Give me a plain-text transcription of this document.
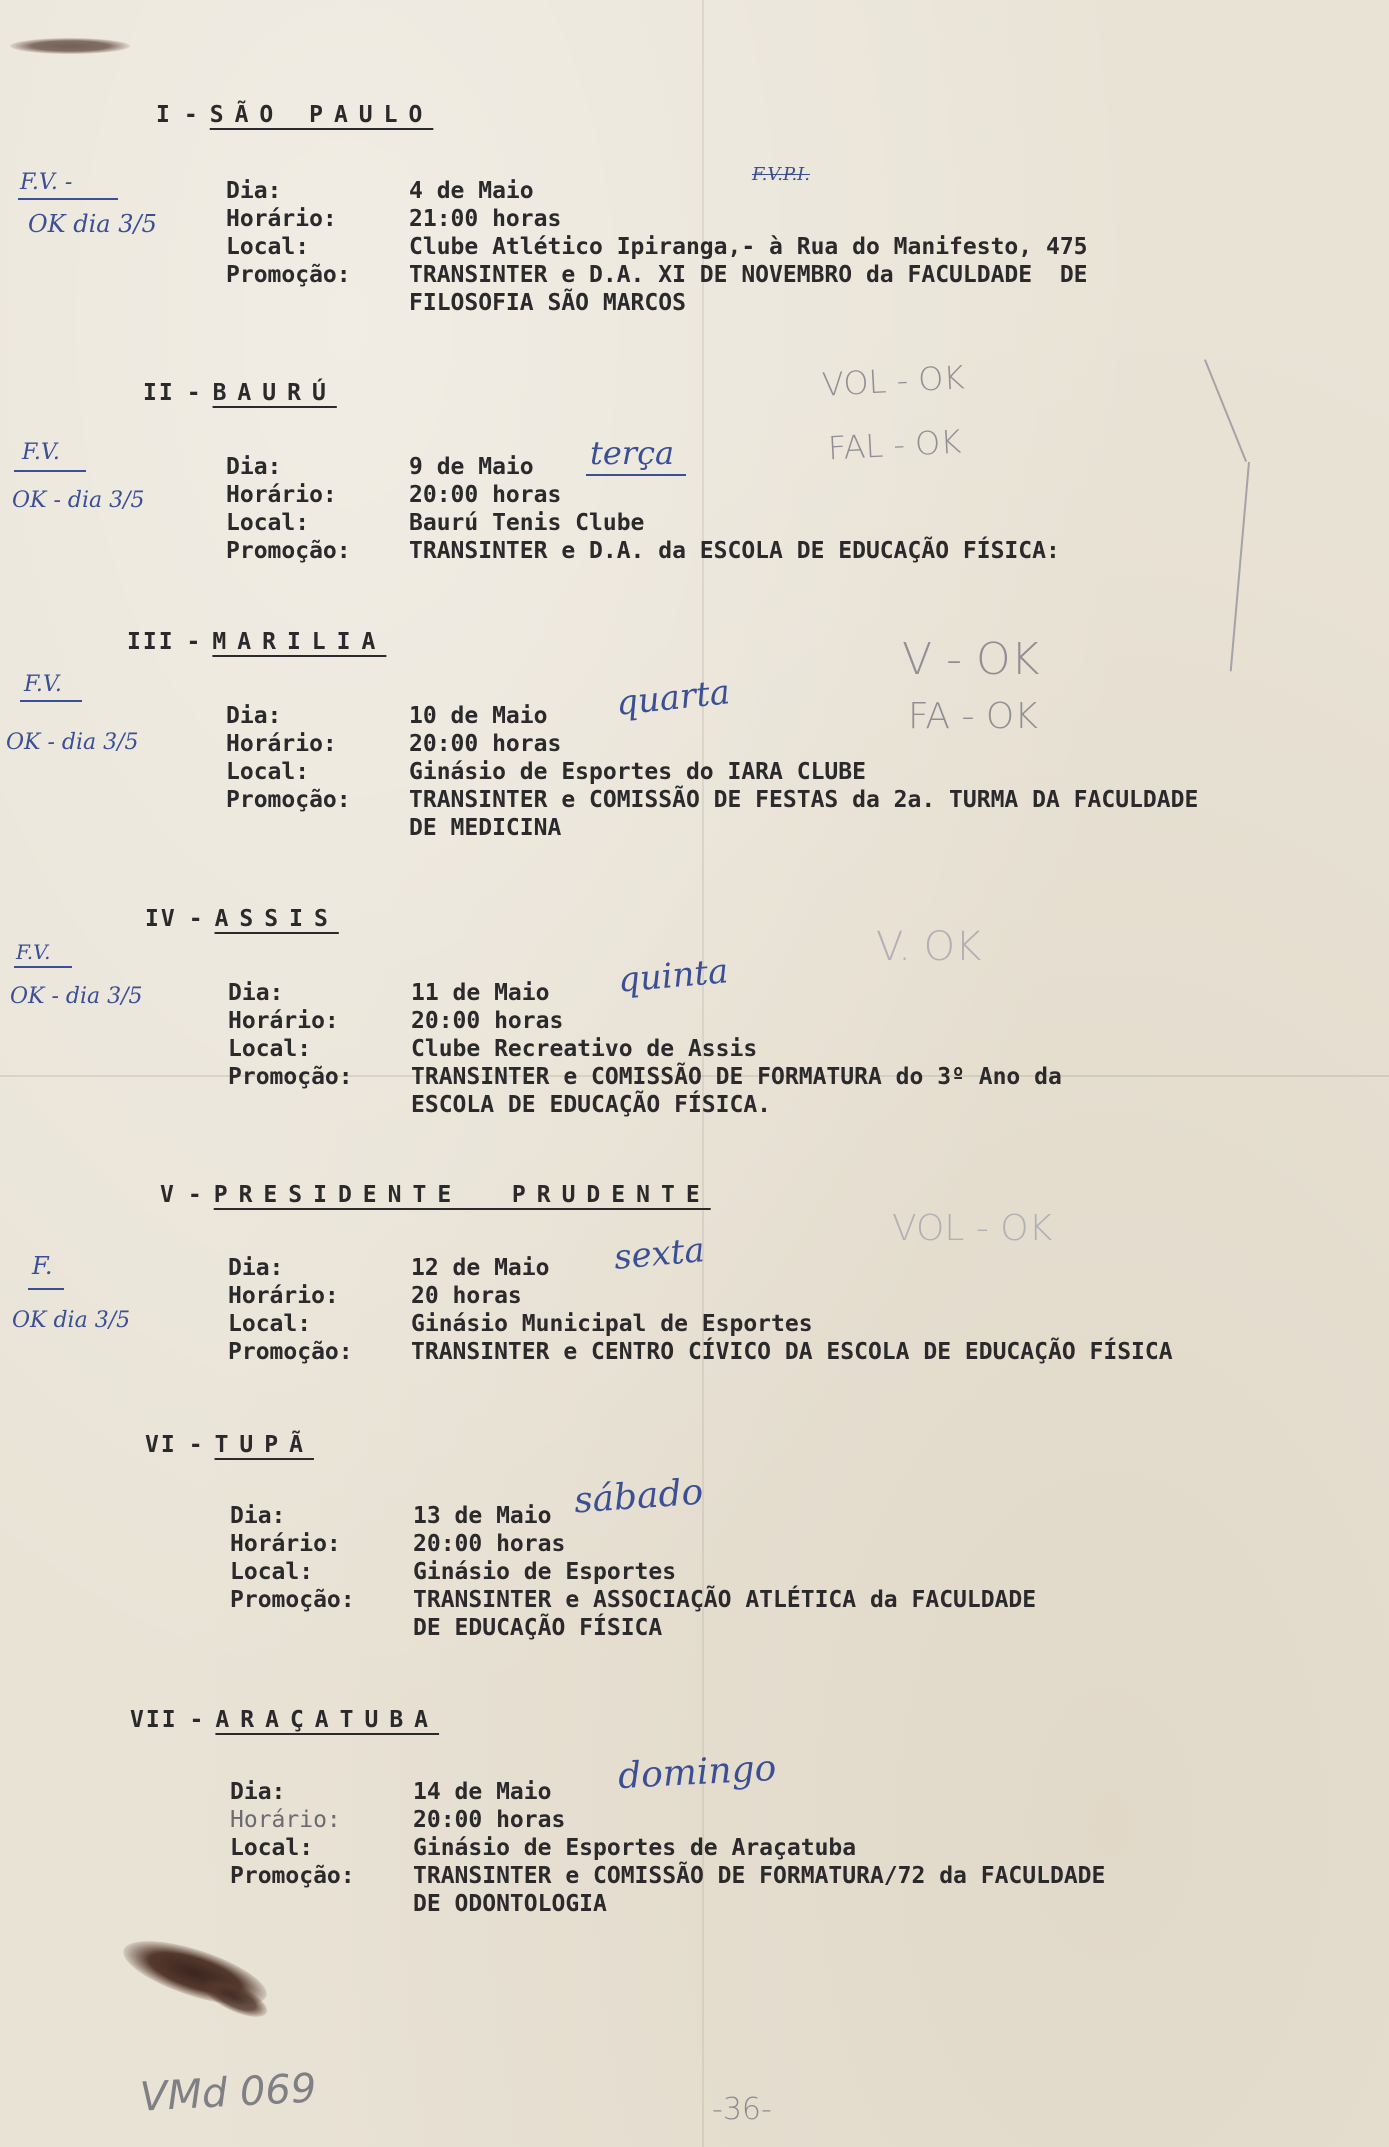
I - SÃO PAULO
Dia:	4 de Maio
Horário:	21:00 horas
Local:	Clube Atlético Ipiranga,- à Rua do Manifesto, 475
Promoção:	TRANSINTER e D.A. XI DE NOVEMBRO da FACULDADE  DE
FILOSOFIA SÃO MARCOS
F.V. -
OK dia 3/5
F.V.P.I.
II - BAURÚ
Dia:	9 de Maio
Horário:	20:00 horas
Local:	Baurú Tenis Clube
Promoção:	TRANSINTER e D.A. da ESCOLA DE EDUCAÇÃO FÍSICA:
F.V.
OK - dia 3/5
terça
VOL - OK
FAL - OK
III - MARILIA
Dia:	10 de Maio
Horário:	20:00 horas
Local:	Ginásio de Esportes do IARA CLUBE
Promoção:	TRANSINTER e COMISSÃO DE FESTAS da 2a. TURMA DA FACULDADE
DE MEDICINA
F.V.
OK - dia 3/5
quarta
V - OK
FA - OK
IV - ASSIS
Dia:	11 de Maio
Horário:	20:00 horas
Local:	Clube Recreativo de Assis
Promoção:	TRANSINTER e COMISSÃO DE FORMATURA do 3º Ano da
ESCOLA DE EDUCAÇÃO FÍSICA.
F.V.
OK - dia 3/5	quinta
V. OK
V - PRESIDENTE  PRUDENTE
Dia:	12 de Maio
Horário:	20 horas
Local:	Ginásio Municipal de Esportes
Promoção:	TRANSINTER e CENTRO CÍVICO DA ESCOLA DE EDUCAÇÃO FÍSICA
F.
OK dia 3/5
sexta
VOL - OK
VI - TUPÃ
Dia:	13 de Maio
Horário:	20:00 horas
Local:	Ginásio de Esportes
Promoção:	TRANSINTER e ASSOCIAÇÃO ATLÉTICA da FACULDADE
DE EDUCAÇÃO FÍSICA
sábado
VII - ARAÇATUBA
Dia:	14 de Maio
Horário:	20:00 horas
Local:	Ginásio de Esportes de Araçatuba
Promoção:	TRANSINTER e COMISSÃO DE FORMATURA/72 da FACULDADE
DE ODONTOLOGIA
domingo
VMd 069	-36-
